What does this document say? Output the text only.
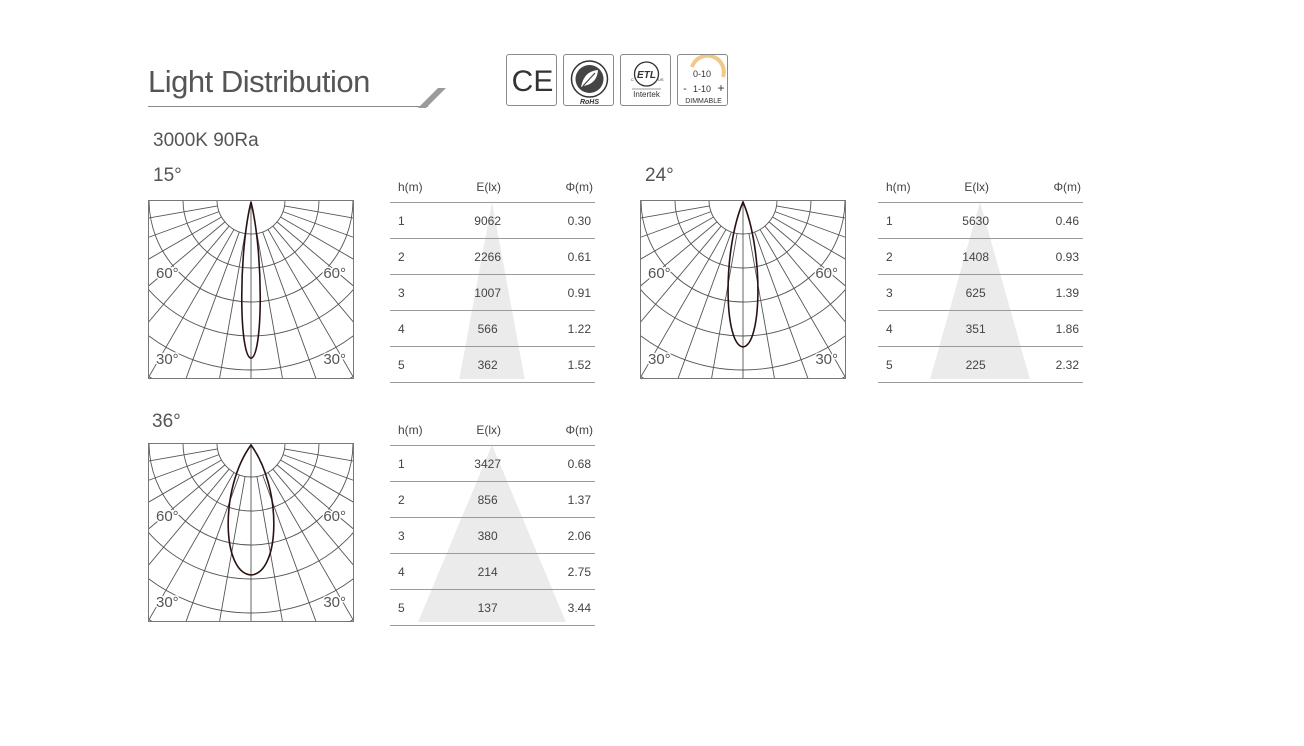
Light Distribution	CE
RoHS
ETL
C	US
Intertek
0-10
- 1-10 +
DIMMABLE
3000K 90Ra
15°
60°	60°
30°	30°
h(m)	E(lx)	Φ(m)
1	9062	0.30
2	2266	0.61
3	1007	0.91
4	566	1.22
5	362	1.52
24°
60°	60°
30°	30°
h(m)	E(lx)	Φ(m)
1	5630	0.46
2	1408	0.93
3	625	1.39
4	351	1.86
5	225	2.32
36°
60°	60°
30°	30°
h(m)	E(lx)	Φ(m)
1	3427	0.68
2	856	1.37
3	380	2.06
4	214	2.75
5	137	3.44
